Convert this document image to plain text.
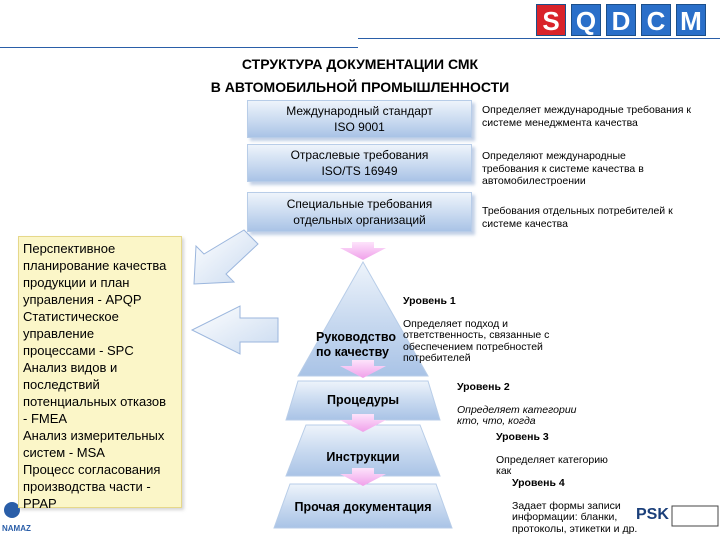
S Q D C M
СТРУКТУРА ДОКУМЕНТАЦИИ СМК
В АВТОМОБИЛЬНОЙ ПРОМЫШЛЕННОСТИ
Международный стандарт
ISO 9001
Отраслевые требования
ISO/TS 16949
Специальные требования
отдельных организаций
Определяет международные требования к системе менеджмента качества
Определяют международные требования к системе качества в автомобилестроении
Требования отдельных потребителей к системе качества
Перспективное
планирование качества
продукции и план
управления - APQP
Статистическое
управление
процессами - SPC
Анализ видов и
последствий
потенциальных отказов
- FMEA
Анализ измерительных
систем - MSA
Процесс согласования
производства части -
PPAP
Руководство
по качеству
Процедуры
Инструкции
Прочая документация

Уровень 1

Определяет подход и
ответственность, связанные с
обеспечением потребностей
потребителей

Уровень 2

Определяет категории
кто, что, когда

Уровень 3

Определяет категорию
как

Уровень 4

Задает формы записи
информации: бланки,
протоколы, этикетки и др.

NAMAZ
PSK
